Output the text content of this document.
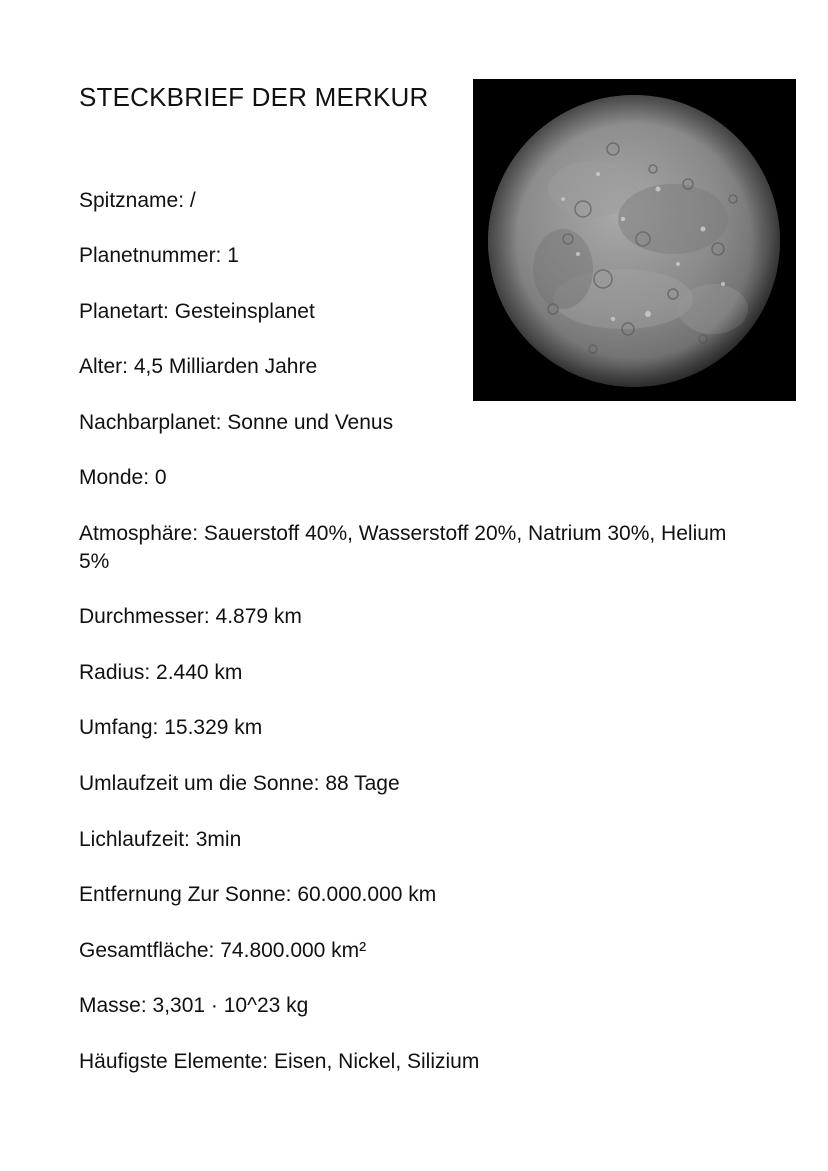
STECKBRIEF DER MERKUR
Spitzname: /
Planetnummer: 1
Planetart: Gesteinsplanet
Alter: 4,5 Milliarden Jahre
Nachbarplanet: Sonne und Venus
Monde: 0
Atmosphäre: Sauerstoff 40%, Wasserstoff 20%, Natrium 30%, Helium 5%
Durchmesser: 4.879 km
Radius: 2.440 km
Umfang: 15.329 km
Umlaufzeit um die Sonne: 88 Tage
Lichlaufzeit: 3min
Entfernung Zur Sonne: 60.000.000 km
Gesamtfläche: 74.800.000 km²
Masse: 3,301 · 10^23 kg
Häufigste Elemente: Eisen, Nickel, Silizium
